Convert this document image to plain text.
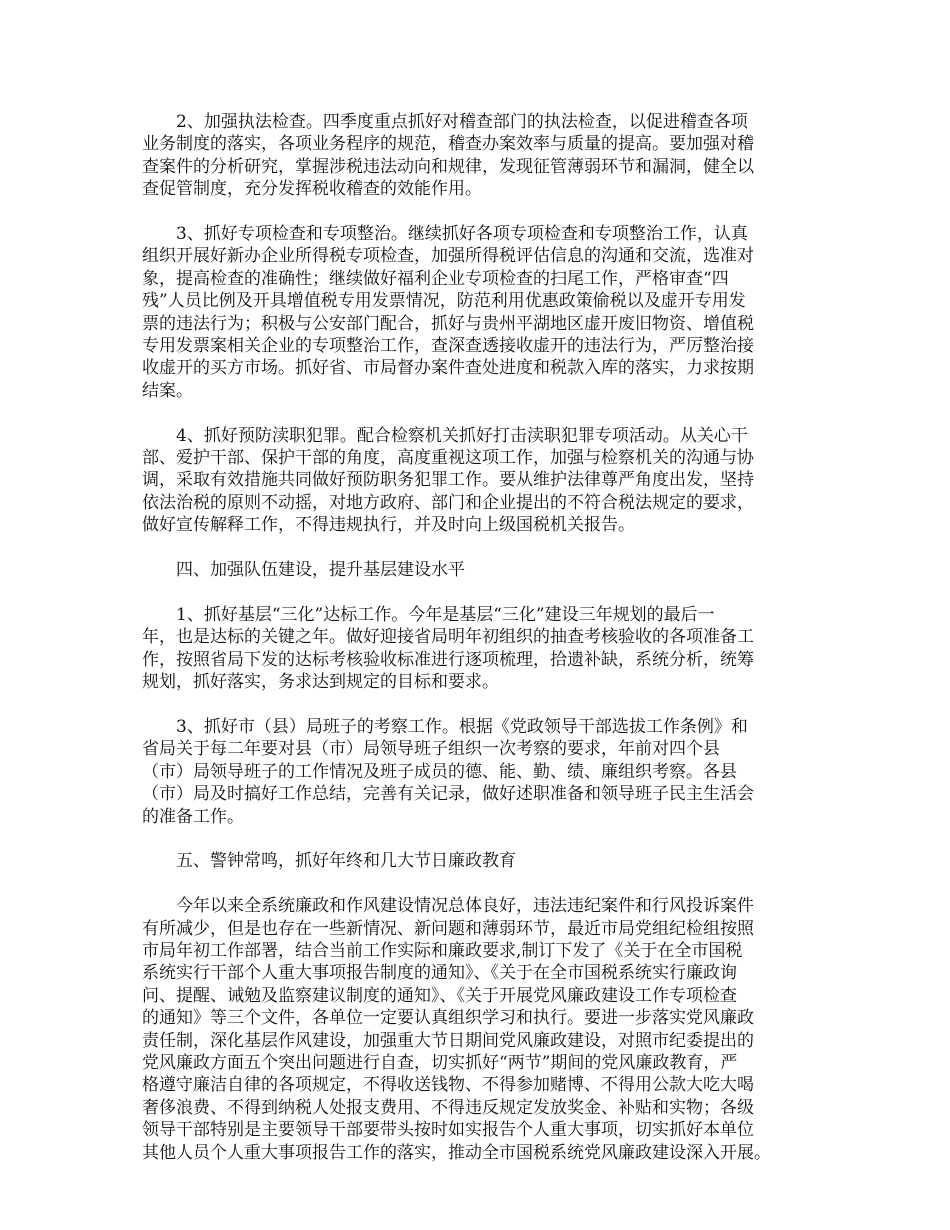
2、加强执法检查。四季度重点抓好对稽查部门的执法检查，以促进稽查各项
业务制度的落实，各项业务程序的规范，稽查办案效率与质量的提高。要加强对稽
查案件的分析研究，掌握涉税违法动向和规律，发现征管薄弱环节和漏洞，健全以
查促管制度，充分发挥税收稽查的效能作用。
3、抓好专项检查和专项整治。继续抓好各项专项检查和专项整治工作，认真
组织开展好新办企业所得税专项检查，加强所得税评估信息的沟通和交流，选准对
象，提高检查的准确性；继续做好福利企业专项检查的扫尾工作，严格审查“四
残”人员比例及开具增值税专用发票情况，防范利用优惠政策偷税以及虚开专用发
票的违法行为；积极与公安部门配合，抓好与贵州平湖地区虚开废旧物资、增值税
专用发票案相关企业的专项整治工作，查深查透接收虚开的违法行为，严厉整治接
收虚开的买方市场。抓好省、市局督办案件查处进度和税款入库的落实，力求按期
结案。
4、抓好预防渎职犯罪。配合检察机关抓好打击渎职犯罪专项活动。从关心干
部、爱护干部、保护干部的角度，高度重视这项工作，加强与检察机关的沟通与协
调，采取有效措施共同做好预防职务犯罪工作。要从维护法律尊严角度出发，坚持
依法治税的原则不动摇，对地方政府、部门和企业提出的不符合税法规定的要求，
做好宣传解释工作，不得违规执行，并及时向上级国税机关报告。
四、加强队伍建设，提升基层建设水平
1、抓好基层“三化”达标工作。今年是基层“三化”建设三年规划的最后一
年，也是达标的关键之年。做好迎接省局明年初组织的抽查考核验收的各项准备工
作，按照省局下发的达标考核验收标准进行逐项梳理，拾遗补缺，系统分析，统筹
规划，抓好落实，务求达到规定的目标和要求。
3、抓好市（县）局班子的考察工作。根据《党政领导干部选拔工作条例》和
省局关于每二年要对县（市）局领导班子组织一次考察的要求，年前对四个县
（市）局领导班子的工作情况及班子成员的德、能、勤、绩、廉组织考察。各县
（市）局及时搞好工作总结，完善有关记录，做好述职准备和领导班子民主生活会
的准备工作。
五、警钟常鸣，抓好年终和几大节日廉政教育
今年以来全系统廉政和作风建设情况总体良好，违法违纪案件和行风投诉案件
有所减少，但是也存在一些新情况、新问题和薄弱环节，最近市局党组纪检组按照
市局年初工作部署，结合当前工作实际和廉政要求,制订下发了《关于在全市国税
系统实行干部个人重大事项报告制度的通知》、《关于在全市国税系统实行廉政询
问、提醒、诫勉及监察建议制度的通知》、《关于开展党风廉政建设工作专项检查
的通知》等三个文件，各单位一定要认真组织学习和执行。要进一步落实党风廉政
责任制，深化基层作风建设，加强重大节日期间党风廉政建设，对照市纪委提出的
党风廉政方面五个突出问题进行自查，切实抓好“两节”期间的党风廉政教育，严
格遵守廉洁自律的各项规定，不得收送钱物、不得参加赌博、不得用公款大吃大喝
奢侈浪费、不得到纳税人处报支费用、不得违反规定发放奖金、补贴和实物；各级
领导干部特别是主要领导干部要带头按时如实报告个人重大事项，切实抓好本单位
其他人员个人重大事项报告工作的落实，推动全市国税系统党风廉政建设深入开展。
